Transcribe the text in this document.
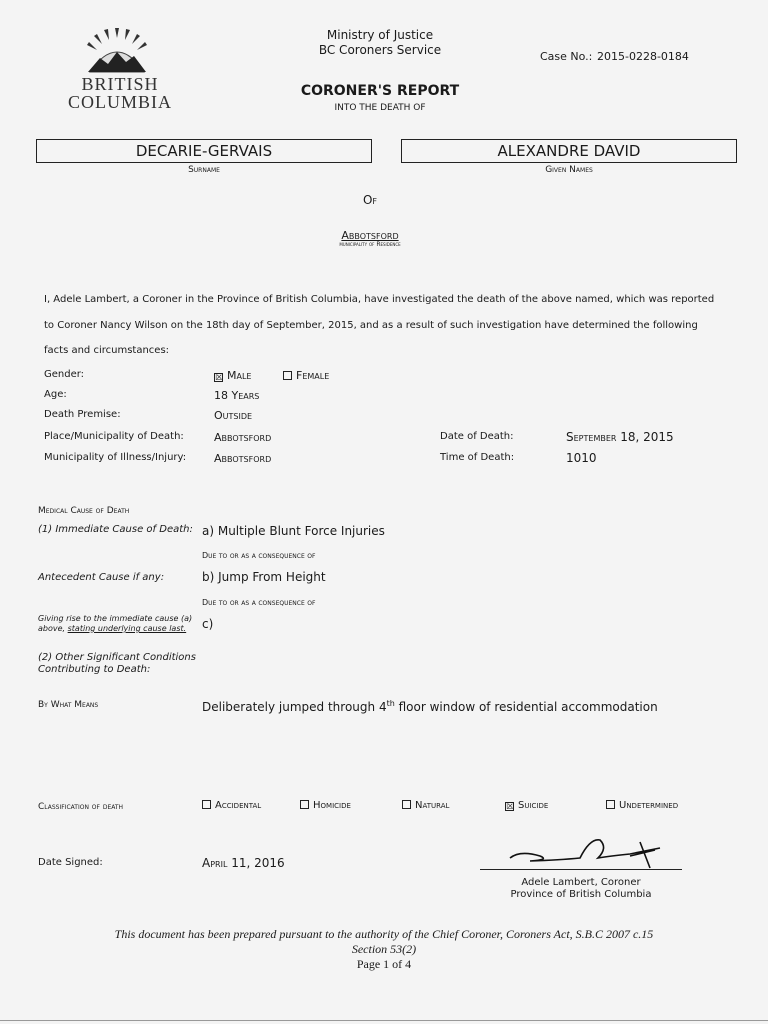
BRITISH
COLUMBIA
Ministry of Justice
BC Coroners Service	Case No.: 2015-0228-0184
CORONER'S REPORT
INTO THE DEATH OF
DECARIE-GERVAIS
Surname
ALEXANDRE DAVID
Given Names
Of
Abbotsford
municipality of Residence
I, Adele Lambert, a Coroner in the Province of British Columbia, have investigated the death of the above named, which was reported
to Coroner Nancy Wilson on the 18th day of September, 2015, and as a result of such investigation have determined the following
facts and circumstances:
Gender:	☒ Male	Female
Age:	18 Years
Death Premise:	Outside
Place/Municipality of Death:	Abbotsford	Date of Death:	September 18, 2015
Municipality of Illness/Injury:	Abbotsford	Time of Death:	1010
Medical Cause of Death
(1) Immediate Cause of Death: a) Multiple Blunt Force Injuries
Due to or as a consequence of
Antecedent Cause if any:	b) Jump From Height
Due to or as a consequence of
Giving rise to the immediate cause (a)
above, stating underlying cause last. c)
(2) Other Significant Conditions
Contributing to Death:
By What Means	Deliberately jumped through 4th floor window of residential accommodation
Classification of death	Accidental	Homicide	Natural	☒ Suicide	Undetermined
Date Signed:	April 11, 2016
Adele Lambert, Coroner
Province of British Columbia
This document has been prepared pursuant to the authority of the Chief Coroner, Coroners Act, S.B.C 2007 c.15
Section 53(2)
Page 1 of 4
